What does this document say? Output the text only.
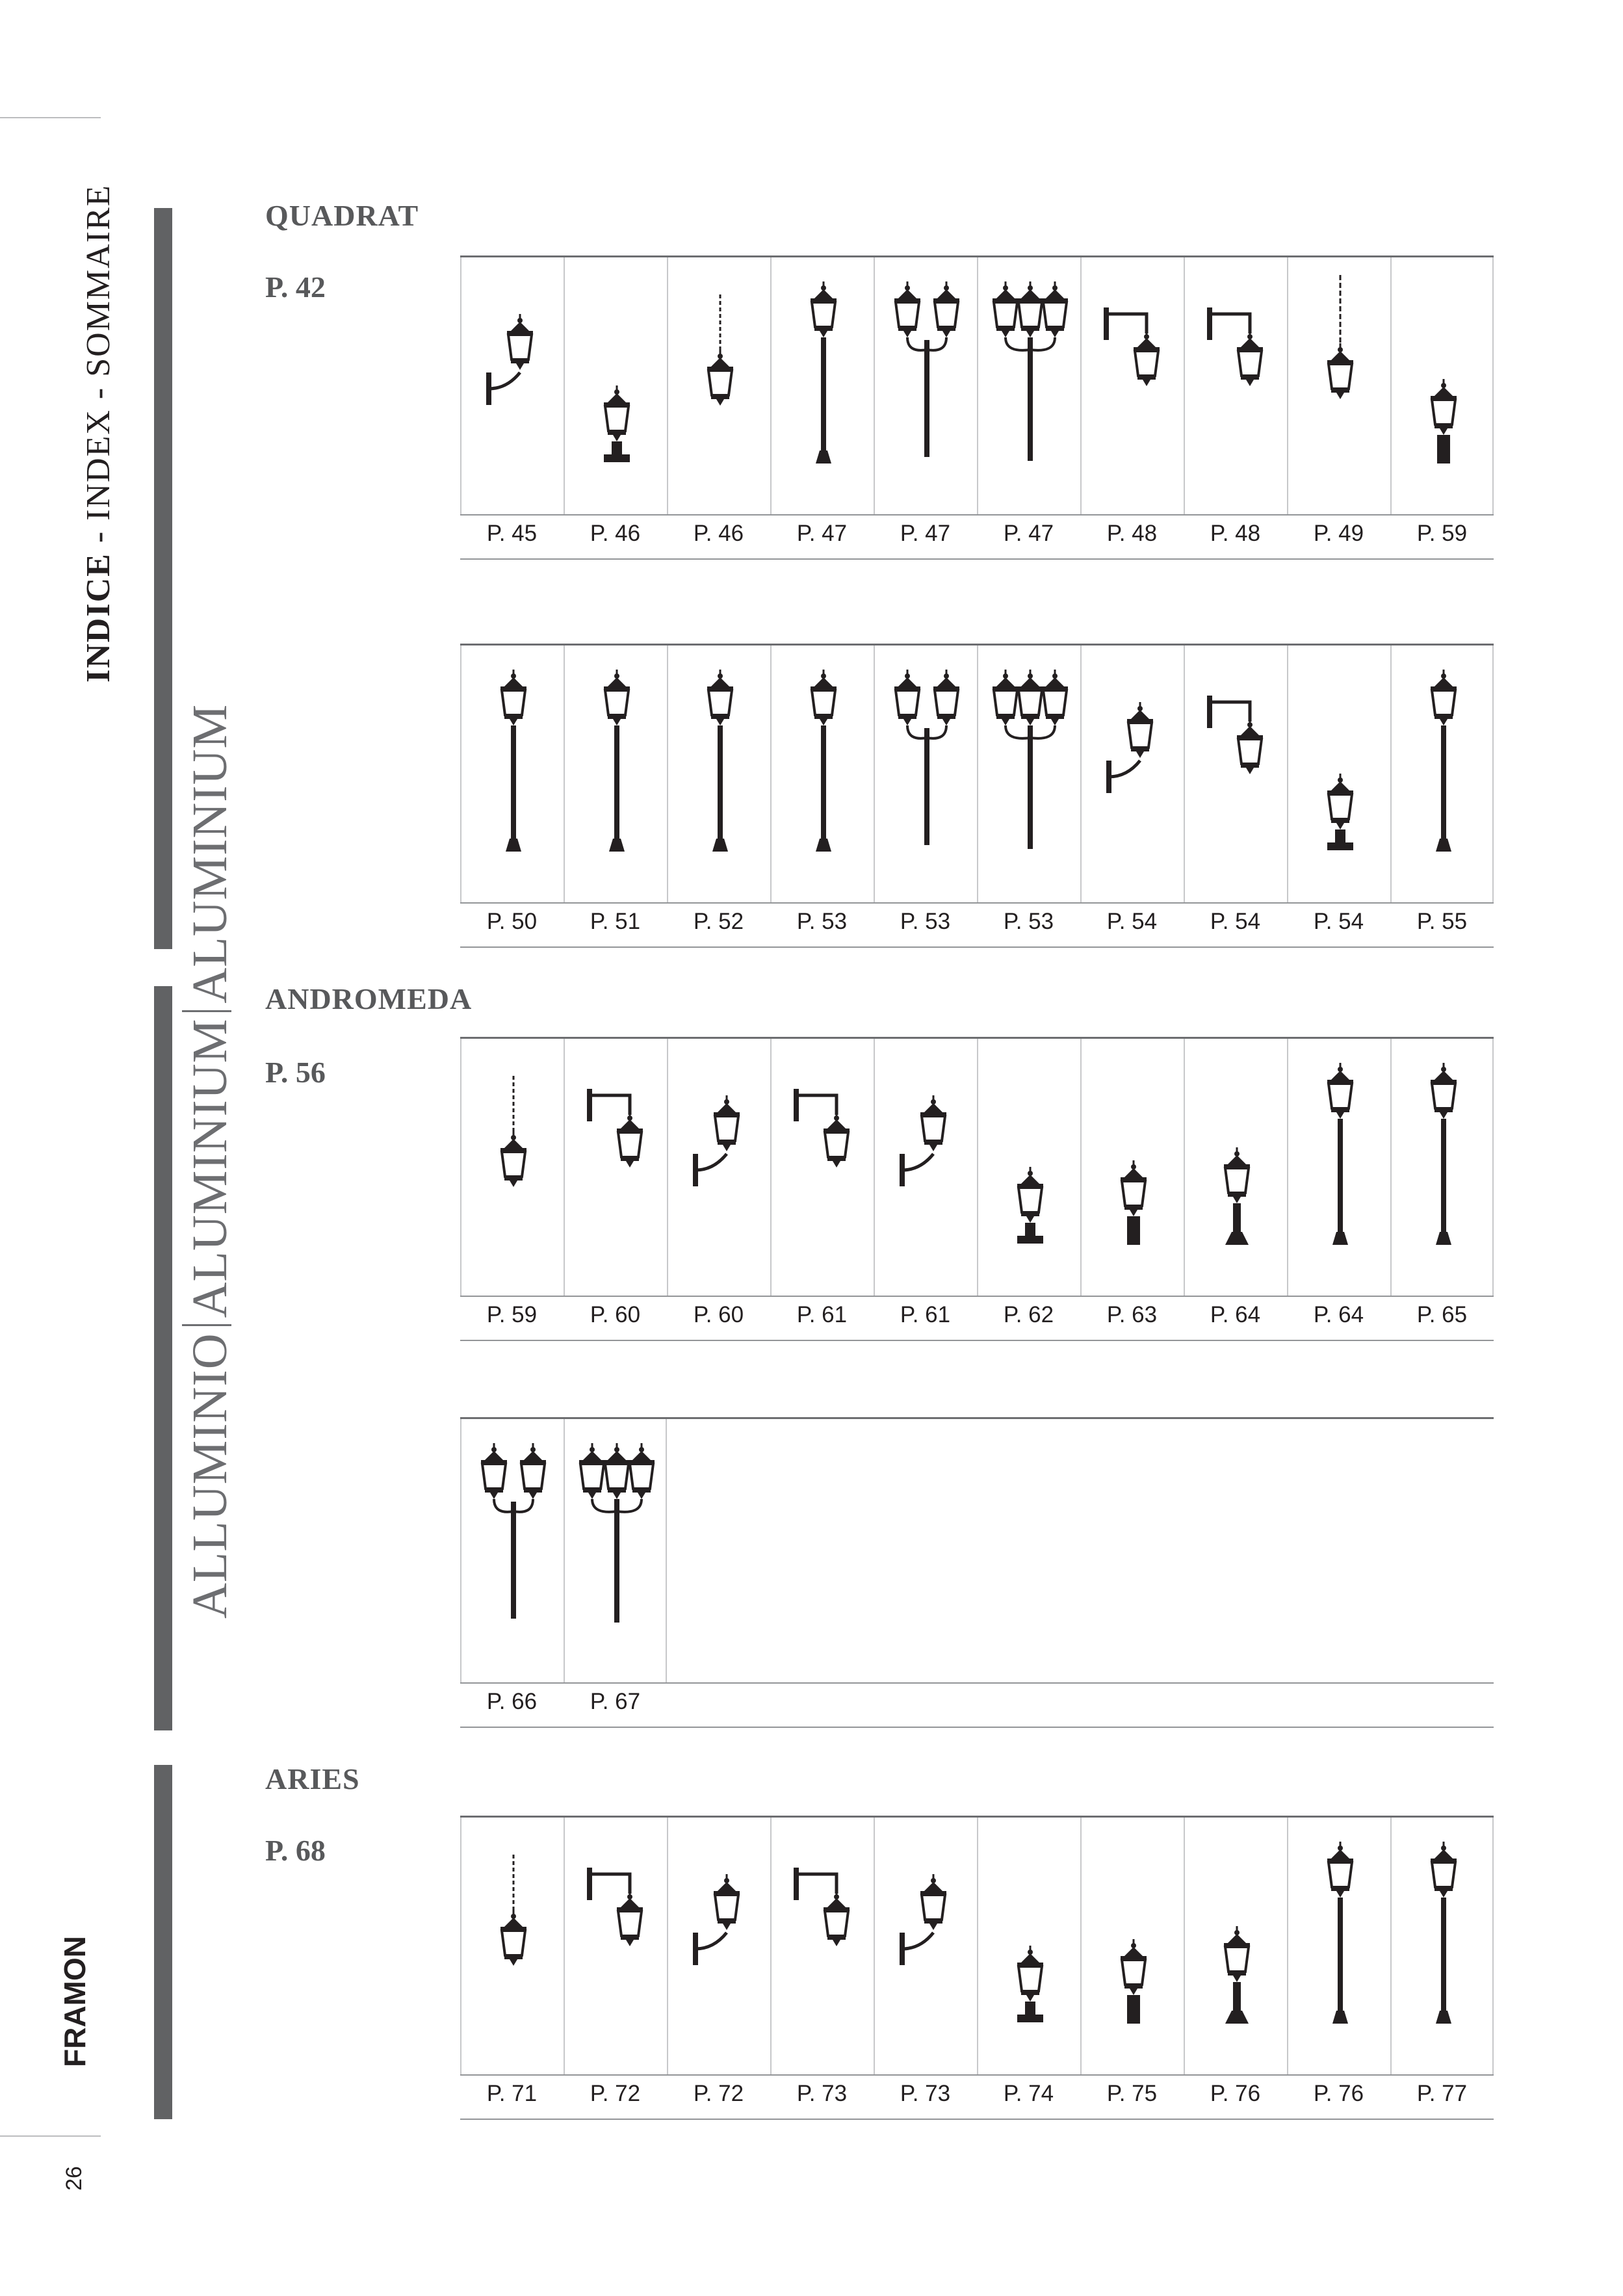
INDICE - INDEX - SOMMAIRE
FRAMON
26
ALLUMINIOALUMINIUMALUMINIUM
QUADRAT
P. 42
ANDROMEDA
P. 56
ARIES
P. 68
P. 45	P. 46	P. 46	P. 47	P. 47	P. 47	P. 48	P. 48	P. 49	P. 59
P. 50	P. 51	P. 52	P. 53	P. 53	P. 53	P. 54	P. 54	P. 54	P. 55
P. 59	P. 60	P. 60	P. 61	P. 61	P. 62	P. 63	P. 64	P. 64	P. 65
P. 66	P. 67
P. 71	P. 72	P. 72	P. 73	P. 73	P. 74	P. 75	P. 76	P. 76	P. 77
